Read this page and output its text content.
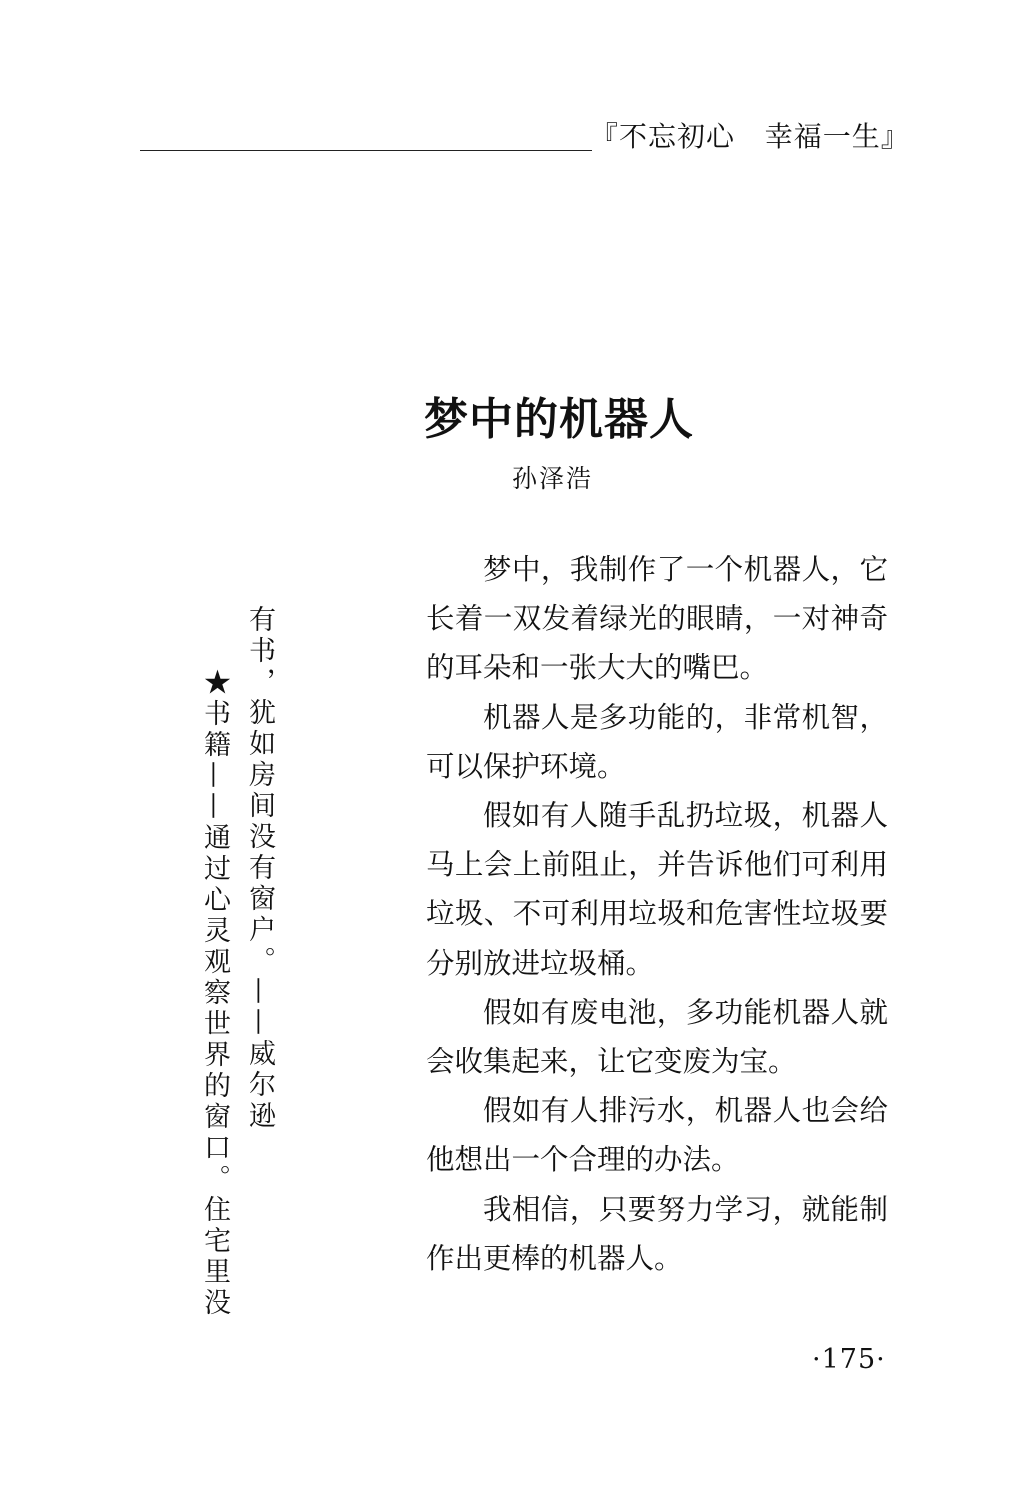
『不忘初心   幸福一生』
梦中的机器人
孙泽浩

梦中，我制作了一个机器人，它长着一双发着绿光的眼睛，一对神奇的耳朵和一张大大的嘴巴。

机器人是多功能的，非常机智，可以保护环境。

假如有人随手乱扔垃圾，机器人马上会上前阻止，并告诉他们可利用垃圾、不可利用垃圾和危害性垃圾要分别放进垃圾桶。

假如有废电池，多功能机器人就会收集起来，让它变废为宝。

假如有人排污水，机器人也会给他想出一个合理的办法。

我相信，只要努力学习，就能制作出更棒的机器人。

有书，犹如房间没有窗户。——威尔逊
★书籍——通过心灵观察世界的窗口。住宅里没
·175·
